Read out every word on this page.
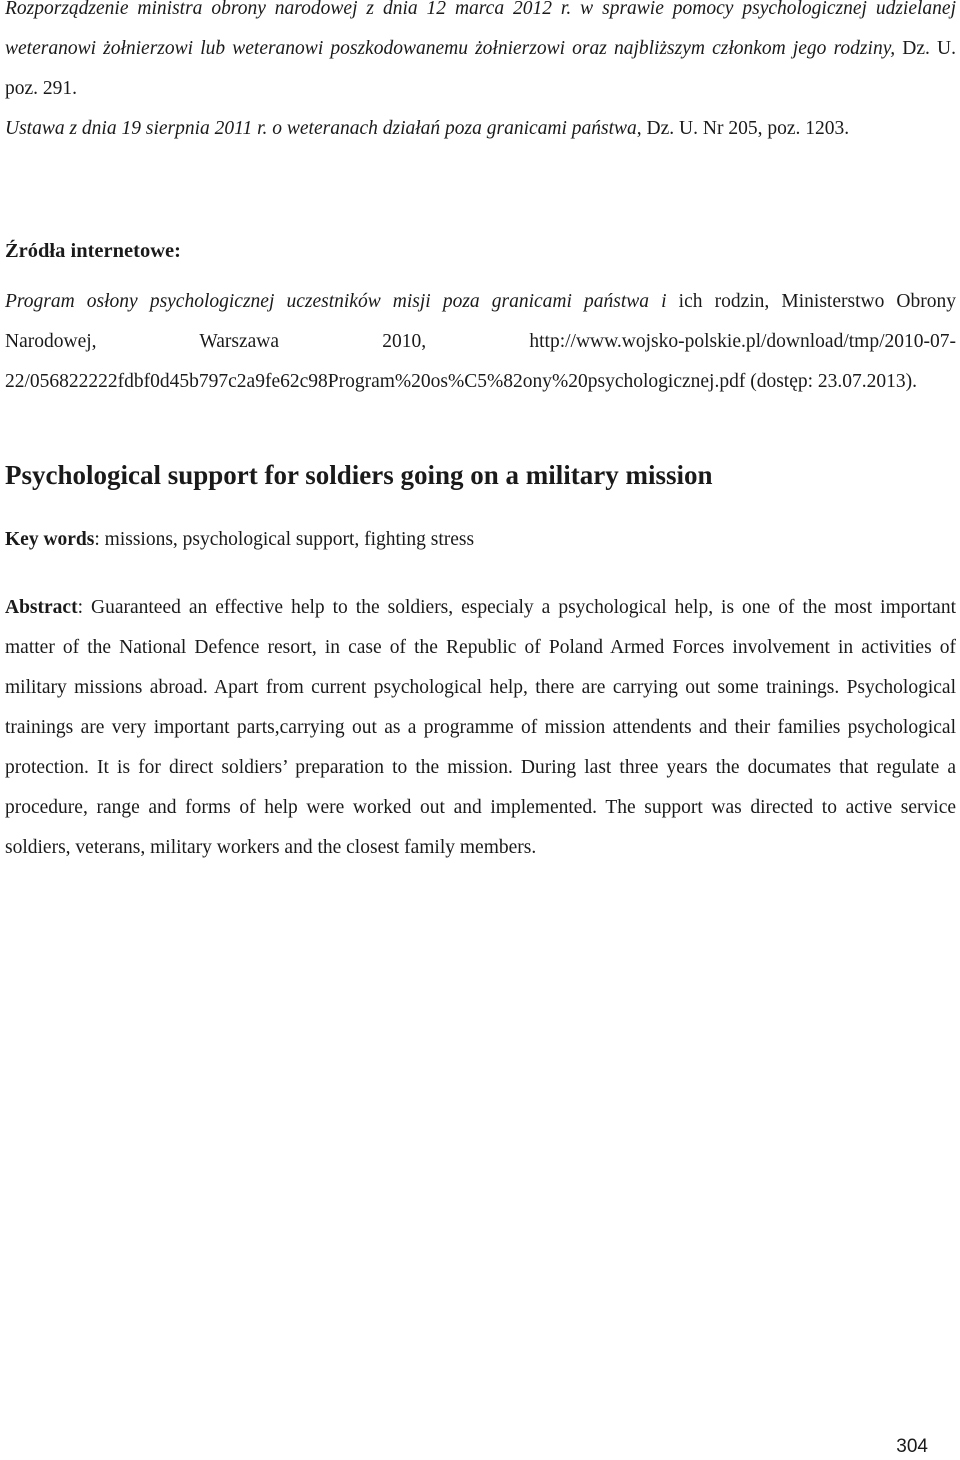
Rozporządzenie ministra obrony narodowej z dnia 12 marca 2012 r. w sprawie pomocy psychologicznej udzielanej weteranowi żołnierzowi lub weteranowi poszkodowanemu żołnierzowi oraz najbliższym członkom jego rodziny, Dz. U. poz. 291.

Ustawa z dnia 19 sierpnia 2011 r. o weteranach działań poza granicami państwa, Dz. U. Nr 205, poz. 1203.

Źródła internetowe:

Program osłony psychologicznej uczestników misji poza granicami państwa i ich rodzin, Ministerstwo Obrony Narodowej, Warszawa 2010, http://www.wojsko-polskie.pl/download/tmp/2010-07-22/056822222fdbf0d45b797c2a9fe62c98Program%20os%C5%82ony%20psychologicznej.pdf (dostęp: 23.07.2013).

Psychological support for soldiers going on a military mission

Key words: missions, psychological support, fighting stress

Abstract: Guaranteed an effective help to the soldiers, especialy a psychological help, is one of the most important matter of the National Defence resort, in case of the Republic of Poland Armed Forces involvement in activities of military missions abroad. Apart from current psychological help, there are carrying out some trainings. Psychological trainings are very important parts,carrying out as a programme of mission attendents and their families psychological protection. It is for direct soldiers’ preparation to the mission. During last three years the documates that regulate a procedure, range and forms of help were worked out and implemented. The support was directed to active service soldiers, veterans, military workers and the closest family members.

304
